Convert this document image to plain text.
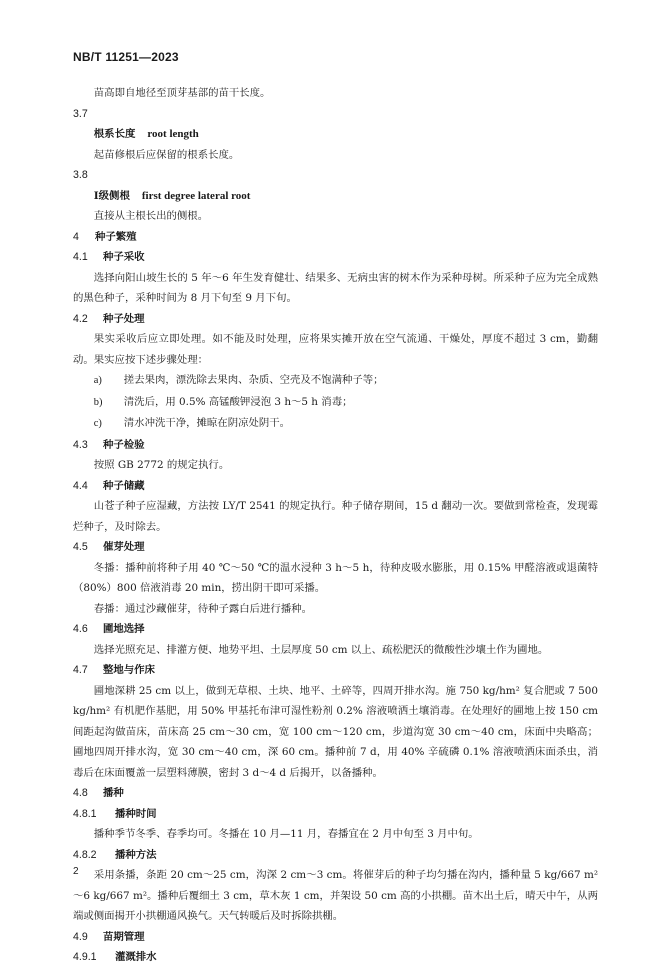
NB/T 11251—2023

苗高即自地径至顶芽基部的苗干长度。

3.7

根系长度 root length

起苗修根后应保留的根系长度。

3.8

Ⅰ级侧根 first degree lateral root

直接从主根长出的侧根。

4 种子繁殖

4.1 种子采收

选择向阳山坡生长的 5 年～6 年生发育健壮、结果多、无病虫害的树木作为采种母树。所采种子应为完全成熟的黑色种子，采种时间为 8 月下旬至 9 月下旬。

4.2 种子处理

果实采收后应立即处理。如不能及时处理，应将果实摊开放在空气流通、干燥处，厚度不超过 3 cm，勤翻动。果实应按下述步骤处理：

a) 搓去果肉，漂洗除去果肉、杂质、空壳及不饱满种子等；

b) 清洗后，用 0.5% 高锰酸钾浸泡 3 h～5 h 消毒；

c) 清水冲洗干净，摊晾在阴凉处阴干。

4.3 种子检验

按照 GB 2772 的规定执行。

4.4 种子储藏

山苍子种子应湿藏，方法按 LY/T 2541 的规定执行。种子储存期间，15 d 翻动一次。要做到常检查，发现霉烂种子，及时除去。

4.5 催芽处理

冬播：播种前将种子用 40 ℃～50 ℃的温水浸种 3 h～5 h，待种皮吸水膨胀，用 0.15% 甲醛溶液或退菌特（80%）800 倍液消毒 20 min，捞出阴干即可采播。

春播：通过沙藏催芽，待种子露白后进行播种。

4.6 圃地选择

选择光照充足、排灌方便、地势平坦、土层厚度 50 cm 以上、疏松肥沃的微酸性沙壤土作为圃地。

4.7 整地与作床

圃地深耕 25 cm 以上，做到无草根、土块、地平、土碎等，四周开排水沟。施 750 kg/hm² 复合肥或 7 500 kg/hm² 有机肥作基肥，用 50% 甲基托布津可湿性粉剂 0.2% 溶液喷洒土壤消毒。在处理好的圃地上按 150 cm 间距起沟做苗床，苗床高 25 cm～30 cm，宽 100 cm～120 cm，步道沟宽 30 cm～40 cm，床面中央略高；圃地四周开排水沟，宽 30 cm～40 cm，深 60 cm。播种前 7 d，用 40% 辛硫磷 0.1% 溶液喷洒床面杀虫，消毒后在床面覆盖一层塑料薄膜，密封 3 d～4 d 后揭开，以备播种。

4.8 播种

4.8.1 播种时间

播种季节冬季、春季均可。冬播在 10 月—11 月，春播宜在 2 月中旬至 3 月中旬。

4.8.2 播种方法

采用条播，条距 20 cm～25 cm，沟深 2 cm～3 cm。将催芽后的种子均匀播在沟内，播种量 5 kg/667 m²～6 kg/667 m²。播种后覆细土 3 cm，草木灰 1 cm，并架设 50 cm 高的小拱棚。苗木出土后，晴天中午，从两端或侧面揭开小拱棚通风换气。天气转暖后及时拆除拱棚。

4.9 苗期管理

4.9.1 灌溉排水

2
